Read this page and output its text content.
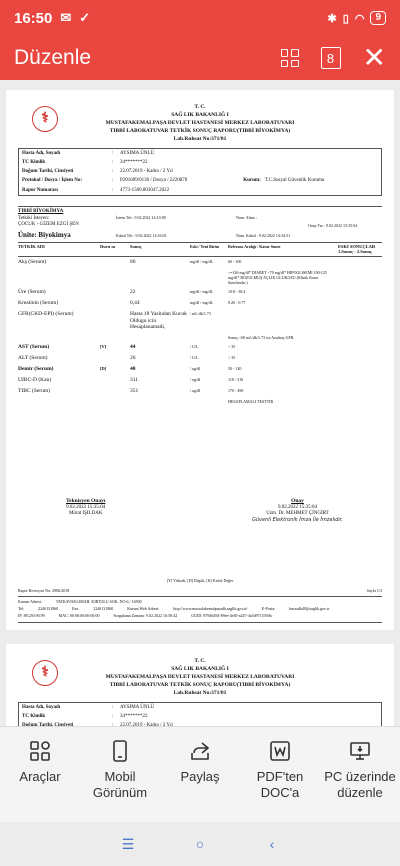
16:50 ✉ ✓	✱ ▯ ◠	9
Düzenle	8 ✕
⚕
T. C.
SAĞ LIK BAKANLIĞ I
MUSTAFAKEMALPAŞA DEVLET HASTANESİ MERKEZ LABORATUVARI
TIBBİ LABORATUVAR TETKİK SONUÇ RAPORU(TIBBİ BİYOKİMYA)
Lab.Ruhsat No:371/01
Hasta Adı, Soyadı	:	AYSIMA ÜNLÜ
TC Kimlik	:	34*******22
Doğum Tarihi, Cinsiyeti	:	22.07.2019 - Kadın / 2 Yıl
Protokol / Dosya / İşlem No:	:	P201609/0130 / Dosya / 2220870	Kurum: T.C.Sosyal Güvenlik Kurumu
Rapor Numarası	:	4773-1500.803047.2022
TIBBİ BİYOKİMYA
Tetkiki İsteyen:
ÇOCUK - GİZEM EZGİ ŞEN
Ünite: Biyokimya
İstem Trh : 9.02.2022 14:10:00
Kabul Trh : 9.02.2022 14:16:01
Num. Alma :
Num. Kabul : 9.02.2022 14:34:51
Onay Tar : 9.02.2022 15:35:04
TETKİK ADI	Duru m	Sonuç	Eski / Yeni Birim	Referans Aralığı / Karar Sınırı	ESKİ SONUÇLAR 1.Sonuç - 2.Sonuç
Akş (Serum)	80	mg/dl / mg/dL	60 - 100
>=126 mg/dl* DIABET <70 mg/dl* HIPOGLISEMI 100-125 mg/dl* BOZULMUŞ AÇLIK GLUKOZU (Klinik Karar Sınırlarıdır.)
Üre (Serum)	22	mg/dl / mg/dL	10.8 - 38.4
Kreatinin (Serum)	0,44	mg/dl / mg/dL	0.26 - 0.77
GFR(CKD-EPI) (Serum)	Hasta 18 Yasindan Kucuk Oldugu icin Hesaplanamadi,
/ mL/dk/1.73
Sonuç <60 mL/dk/1.73 ise Azalmış GFR.
AST (Serum)	[V]	44	/ U/L	< 35
ALT (Serum)	26	/ U/L	< 35
Demir (Serum)	[D]	40	/ ug/dl	50 - 120
UIBC-D (Kan)	311	/ ug/dl	118 - 318
TIBC (Serum)	351	/ ug/dl	170 - 490
HESAPLAMALI TESTTİR
Teknisyen Onayı
9.02.2022 15:35:04
Mürat IŞILDAK
Onay
9.02.2022 15:35:04
Uzm. Dr. MEHMET ÇİNGİRT
Güvenli Elektronik İmza İle İmzalıdır.
[Y] Yüksek, [D] Düşük, [K] Kritik Değer
Rapor Revizyon No: 2906/2018	Sayfa 1/3
Kurum Adresi:	TATKAVAKLIMAH. KIRTOLU SOK. NO:6 / 16500
Tel:	2246131860	Fax:	2246131860	Kurum Web Adresi:	http://www.mustafakemalpasadh.saglik.gov.tr/	E-Posta:	bursadh40@saglik.gov.tr
IP: 88.250.90.99	MAC: 00:00:00:00:00:00	Sorgulama Zamanı: 9.02.2022 16:50:42	GUID: 87946494-89ee-4e30-a247-4a5d9715394b
⚕
T. C.
SAĞ LIK BAKANLIĞ I
MUSTAFAKEMALPAŞA DEVLET HASTANESİ MERKEZ LABORATUVARI
TIBBİ LABORATUVAR TETKİK SONUÇ RAPORU(TIBBİ BİYOKİMYA)
Lab.Ruhsat No:371/01
Hasta Adı, Soyadı	:	AYSIMA ÜNLÜ
TC Kimlik	:	34*******22
Araçlar	Mobil Görünüm
Paylaş	PDF'ten DOC'a
PC üzerinde düzenle
☰	○	‹
